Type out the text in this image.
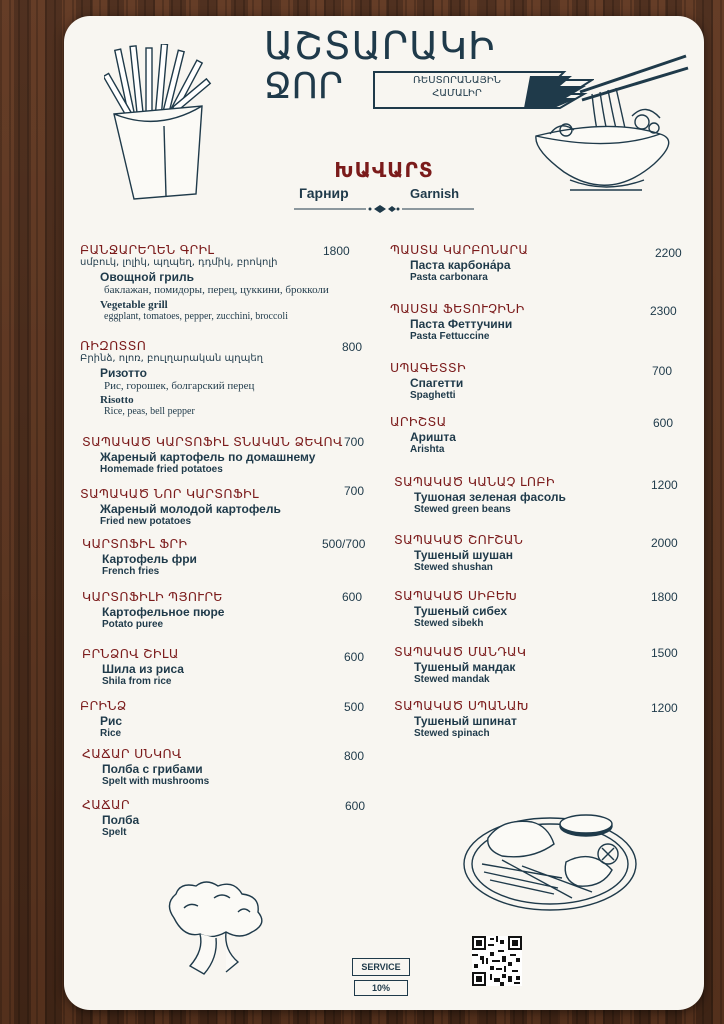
ԱՇՏԱՐԱԿԻ
ՋՈՐ	ՌԵՍՏՈՐԱՆԱՅԻՆ
ՀԱՄԱԼԻՐ
ԽԱՎԱՐՏ
Гарнир	Garnish
ԲԱՆՋԱՐԵՂԵՆ ԳՐԻԼ
սմբուկ, լոլիկ, պղպեղ, դդմիկ, բրոկոլի
Овощной гриль
баклажан, помидоры, перец, цуккини, брокколи
Vegetable grill
eggplant, tomatoes, pepper, zucchini, broccoli
1800
ՌԻԶՈՏՏՈ
Բրինձ, ոլոռ, բուլղարական պղպեղ
Ризотто
Рис, горошек, болгарский перец
Risotto
Rice, peas, bell pepper
800
ՏԱՊԱԿԱԾ ԿԱՐՏՈՖԻԼ ՏՆԱԿԱՆ ՁԵՎՈՎ
Жареный картофель по домашнему
Homemade fried potatoes
700
ՏԱՊԱԿԱԾ ՆՈՐ ԿԱՐՏՈՖԻԼ
Жареный молодой картофель
Fried new potatoes
700
ԿԱՐՏՈՖԻԼ ՖՐԻ
Картофель фри
French fries
500/700
ԿԱՐՏՈՖԻԼԻ ՊՅՈՒՐԵ
Картофельное пюре
Potato puree
600
ԲՐՆՁՈՎ ՇԻԼԱ
Шила из риса
Shila from rice
600
ԲՐԻՆՁ
Рис
Rice
500
ՀԱՃԱՐ ՍՆԿՈՎ
Полба с грибами
Spelt with mushrooms
800
ՀԱՃԱՐ
Полба
Spelt
600
ՊԱՍՏԱ ԿԱՐԲՈՆԱՐԱ
Паста карбона́ра
Pasta carbonara
2200
ՊԱՍՏԱ ՖԵՏՈՒՉԻՆԻ
Паста Феттучини
Pasta Fettuccine
2300
ՍՊԱԳԵՏՏԻ
Спагетти
Spaghetti
700
ԱՐԻՇՏԱ
Ариштa
Arishta
600
ՏԱՊԱԿԱԾ ԿԱՆԱՉ ԼՈԲԻ
Тушоная зеленая фасоль
Stewed green beans
1200
ՏԱՊԱԿԱԾ ՇՈՒՇԱՆ
Тушеный шушан
Stewed shushan
2000
ՏԱՊԱԿԱԾ ՍԻԲԵԽ
Тушеный сибех
Stewed sibekh
1800
ՏԱՊԱԿԱԾ ՄԱՆԴԱԿ
Тушеный мандак
Stewed mandak
1500
ՏԱՊԱԿԱԾ ՍՊԱՆԱԽ
Тушеный шпинат
Stewed spinach
1200
SERVICE
10%
